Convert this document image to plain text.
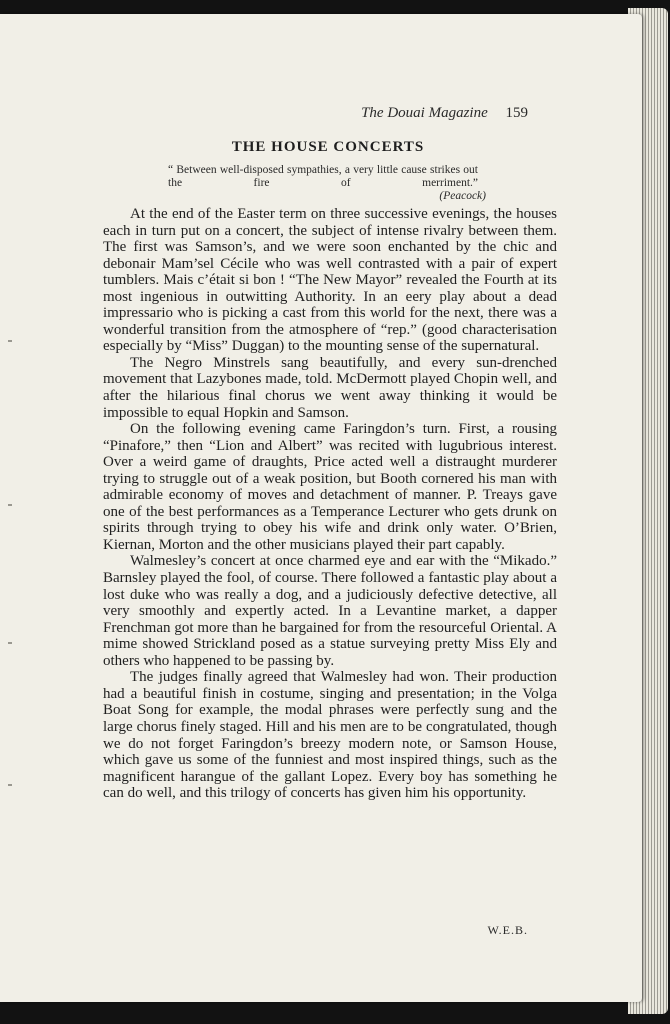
The Douai Magazine 159
THE HOUSE CONCERTS

“ Between well-disposed sympathies, a very little cause strikes out the fire of merriment.”

(Peacock)

At the end of the Easter term on three successive evenings, the houses each in turn put on a concert, the subject of intense rivalry between them. The first was Samson’s, and we were soon enchanted by the chic and debonair Mam’sel Cécile who was well contrasted with a pair of expert tumblers. Mais c’était si bon ! “The New Mayor” revealed the Fourth at its most ingenious in outwitting Authority. In an eery play about a dead impressario who is picking a cast from this world for the next, there was a wonderful transition from the atmosphere of “rep.” (good characterisation especially by “Miss” Duggan) to the mounting sense of the supernatural.

The Negro Minstrels sang beautifully, and every sun-drenched movement that Lazybones made, told. McDermott played Chopin well, and after the hilarious final chorus we went away thinking it would be impossible to equal Hopkin and Samson.

On the following evening came Faringdon’s turn. First, a rousing “Pinafore,” then “Lion and Albert” was recited with lugubrious interest. Over a weird game of draughts, Price acted well a distraught murderer trying to struggle out of a weak position, but Booth cornered his man with admirable economy of moves and detachment of manner. P. Treays gave one of the best performances as a Temperance Lecturer who gets drunk on spirits through trying to obey his wife and drink only water. O’Brien, Kiernan, Morton and the other musicians played their part capably.

Walmesley’s concert at once charmed eye and ear with the “Mikado.” Barnsley played the fool, of course. There followed a fantastic play about a lost duke who was really a dog, and a judiciously defective detective, all very smoothly and expertly acted. In a Levantine market, a dapper Frenchman got more than he bargained for from the resourceful Oriental. A mime showed Strickland posed as a statue surveying pretty Miss Ely and others who happened to be passing by.

The judges finally agreed that Walmesley had won. Their production had a beautiful finish in costume, singing and presentation; in the Volga Boat Song for example, the modal phrases were perfectly sung and the large chorus finely staged. Hill and his men are to be congratulated, though we do not forget Faringdon’s breezy modern note, or Samson House, which gave us some of the funniest and most inspired things, such as the magnificent harangue of the gallant Lopez. Every boy has something he can do well, and this trilogy of concerts has given him his opportunity.

W.E.B.
